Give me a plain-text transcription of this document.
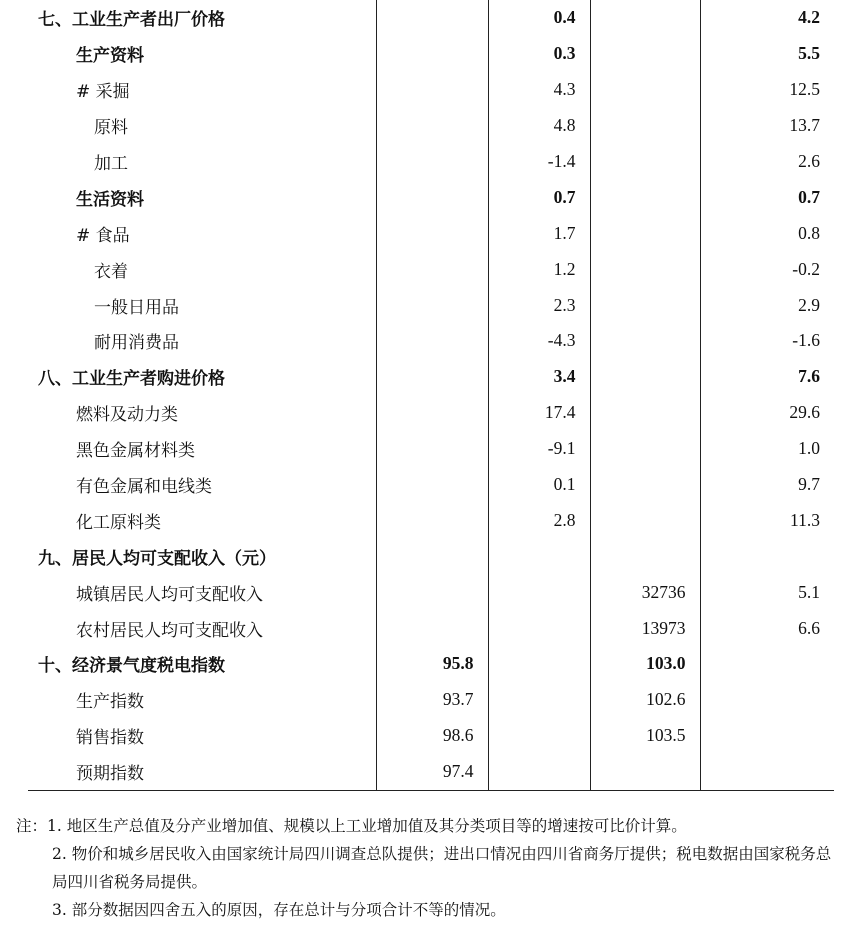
七、工业生产者出厂价格		0.4		4.2
生产资料		0.3		5.5
# 采掘		4.3		12.5
原料		4.8		13.7
加工		-1.4		2.6
生活资料		0.7		0.7
# 食品		1.7		0.8
衣着		1.2		-0.2
一般日用品		2.3		2.9
耐用消费品		-4.3		-1.6
八、工业生产者购进价格		3.4		7.6
燃料及动力类		17.4		29.6
黑色金属材料类		-9.1		1.0
有色金属和电线类		0.1		9.7
化工原料类		2.8		11.3
九、居民人均可支配收入（元）				
城镇居民人均可支配收入			32736	5.1
农村居民人均可支配收入			13973	6.6
十、经济景气度税电指数	95.8		103.0	
生产指数	93.7		102.6	
销售指数	98.6		103.5	
预期指数	97.4			

注：1. 地区生产总值及分产业增加值、规模以上工业增加值及其分类项目等的增速按可比价计算。

2. 物价和城乡居民收入由国家统计局四川调查总队提供；进出口情况由四川省商务厅提供；税电数据由国家税务总局四川省税务局提供。

3. 部分数据因四舍五入的原因，存在总计与分项合计不等的情况。
